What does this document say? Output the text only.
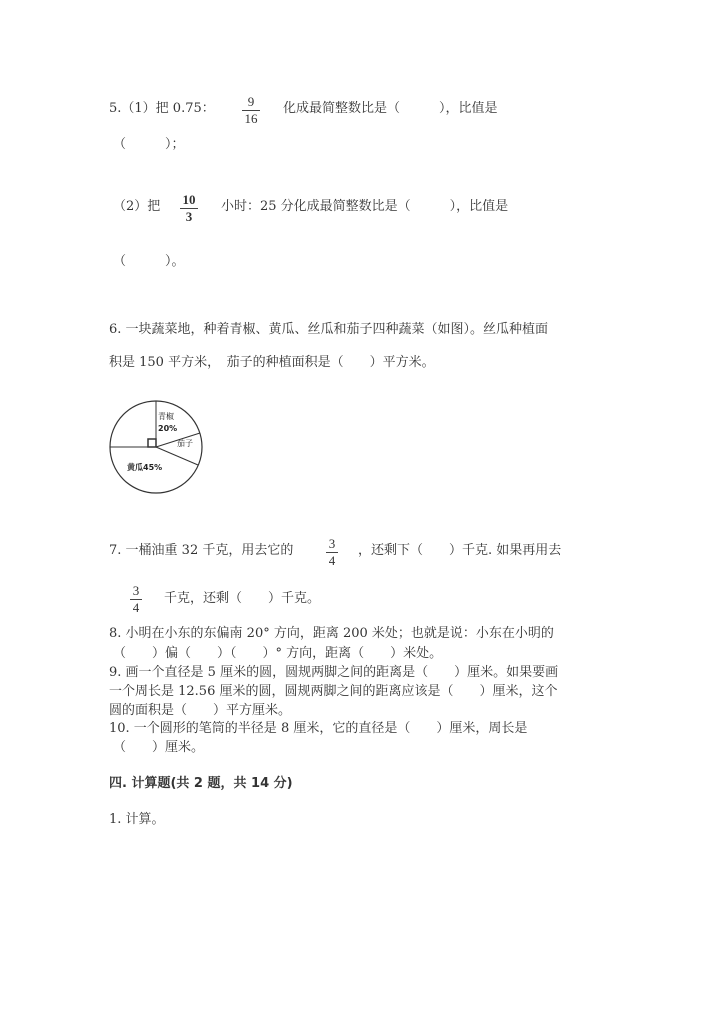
5.（1）把 0.75：	9
16
化成最简整数比是（　　　），比值是
（　　　）；
（2）把 10
3
小时：25 分化成最简整数比是（　　　），比值是
（　　　）。
6. 一块蔬菜地，种着青椒、黄瓜、丝瓜和茄子四种蔬菜（如图）。丝瓜种植面
积是 150 平方米，　茄子的种植面积是（　　）平方米。
青椒
20%
茄子
黄瓜45%
7. 一桶油重 32 千克，用去它的	3
4
，还剩下（　　）千克. 如果再用去
3
4
千克，还剩（　　）千克。
8. 小明在小东的东偏南 20° 方向，距离 200 米处；也就是说：小东在小明的
（　　）偏（　　）（　　）° 方向，距离（　　）米处。
9. 画一个直径是 5 厘米的圆，圆规两脚之间的距离是（　　）厘米。如果要画
一个周长是 12.56 厘米的圆，圆规两脚之间的距离应该是（　　）厘米，这个
圆的面积是（　　）平方厘米。
10. 一个圆形的笔筒的半径是 8 厘米，它的直径是（　　）厘米，周长是
（　　）厘米。
四. 计算题(共 2 题，共 14 分)
1. 计算。
